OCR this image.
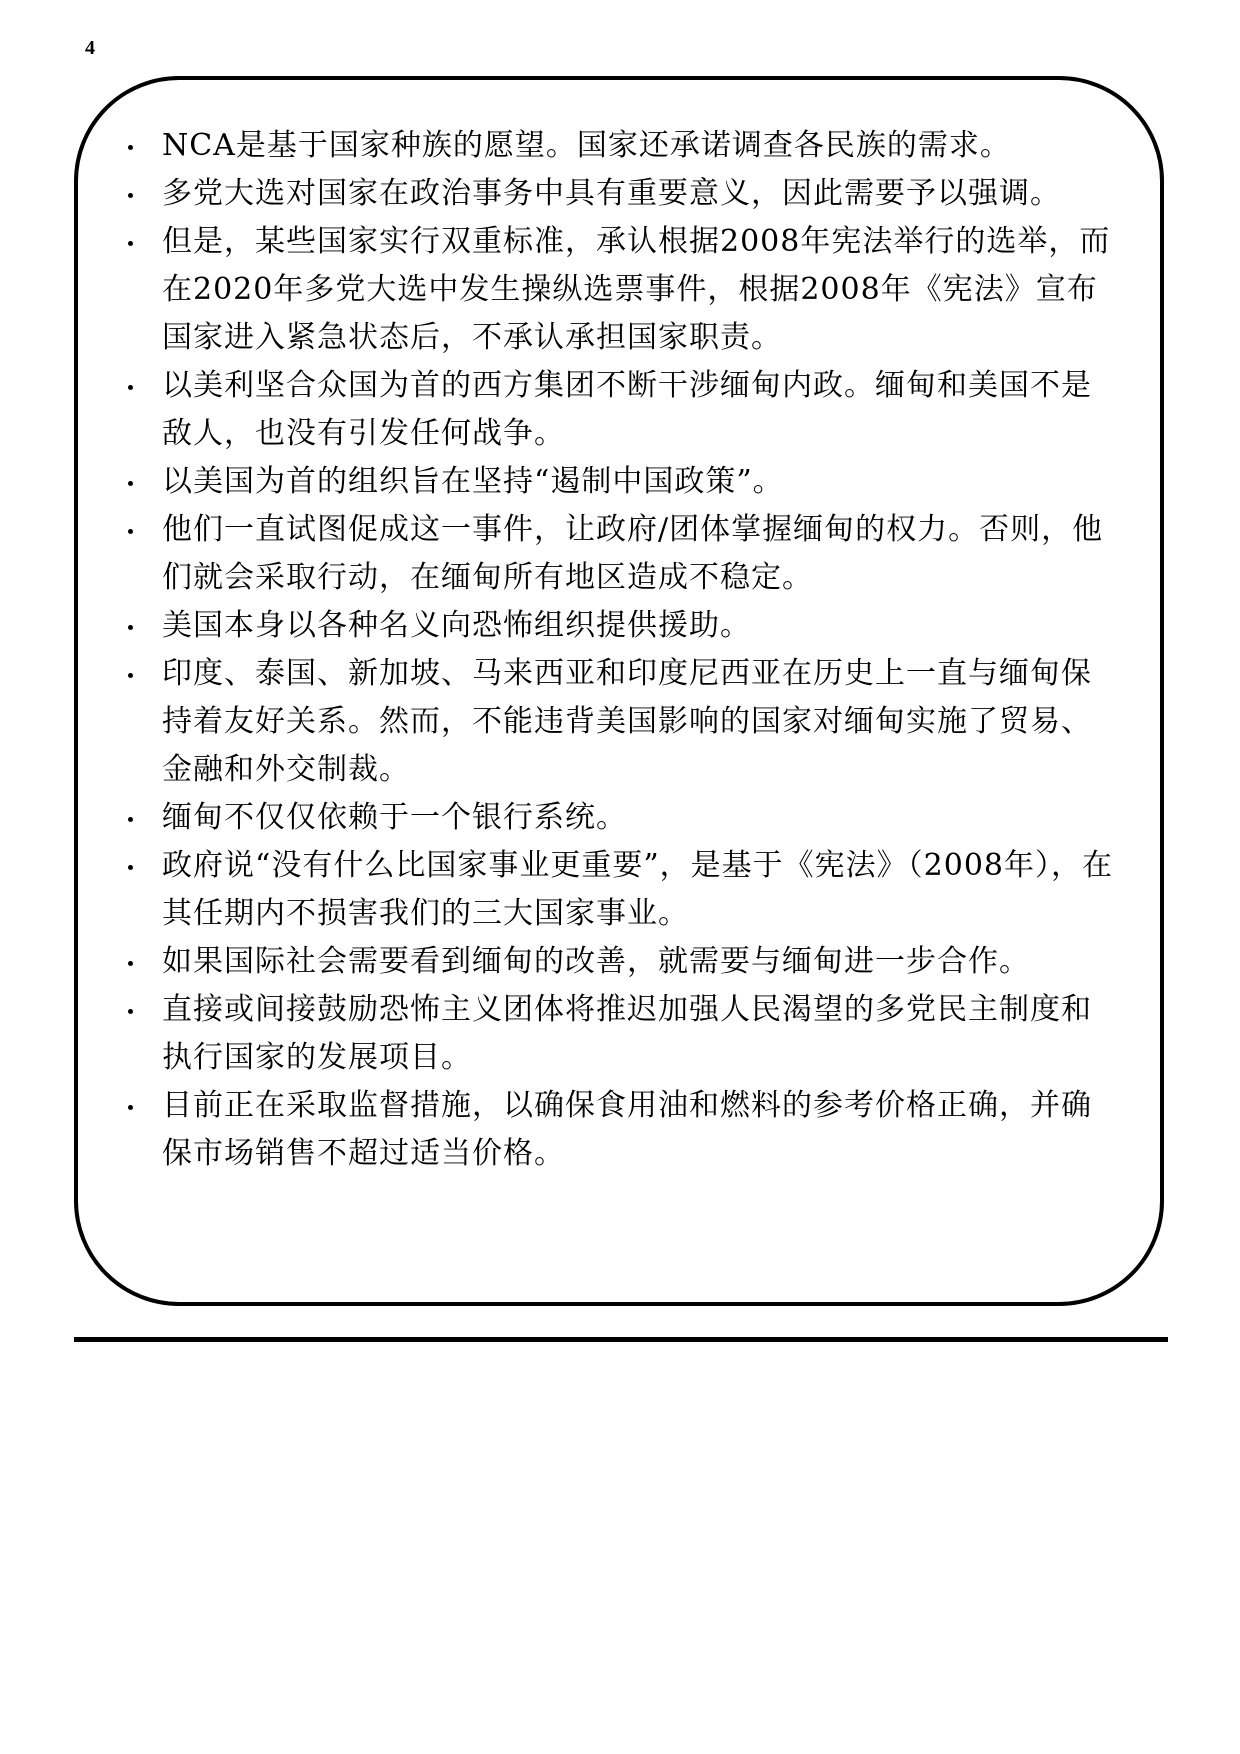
4
NCA是基于国家种族的愿望。国家还承诺调查各民族的需求。
多党大选对国家在政治事务中具有重要意义，因此需要予以强调。
但是，某些国家实行双重标准，承认根据2008年宪法举行的选举，而在2020年多党大选中发生操纵选票事件，根据2008年《宪法》宣布国家进入紧急状态后，不承认承担国家职责。
以美利坚合众国为首的西方集团不断干涉缅甸内政。缅甸和美国不是敌人，也没有引发任何战争。
以美国为首的组织旨在坚持“遏制中国政策”。
他们一直试图促成这一事件，让政府/团体掌握缅甸的权力。否则，他们就会采取行动，在缅甸所有地区造成不稳定。
美国本身以各种名义向恐怖组织提供援助。
印度、泰国、新加坡、马来西亚和印度尼西亚在历史上一直与缅甸保持着友好关系。然而，不能违背美国影响的国家对缅甸实施了贸易、金融和外交制裁。
缅甸不仅仅依赖于一个银行系统。
政府说“没有什么比国家事业更重要”，是基于《宪法》（2008年），在其任期内不损害我们的三大国家事业。
如果国际社会需要看到缅甸的改善，就需要与缅甸进一步合作。
直接或间接鼓励恐怖主义团体将推迟加强人民渴望的多党民主制度和执行国家的发展项目。
目前正在采取监督措施，以确保食用油和燃料的参考价格正确，并确保市场销售不超过适当价格。
